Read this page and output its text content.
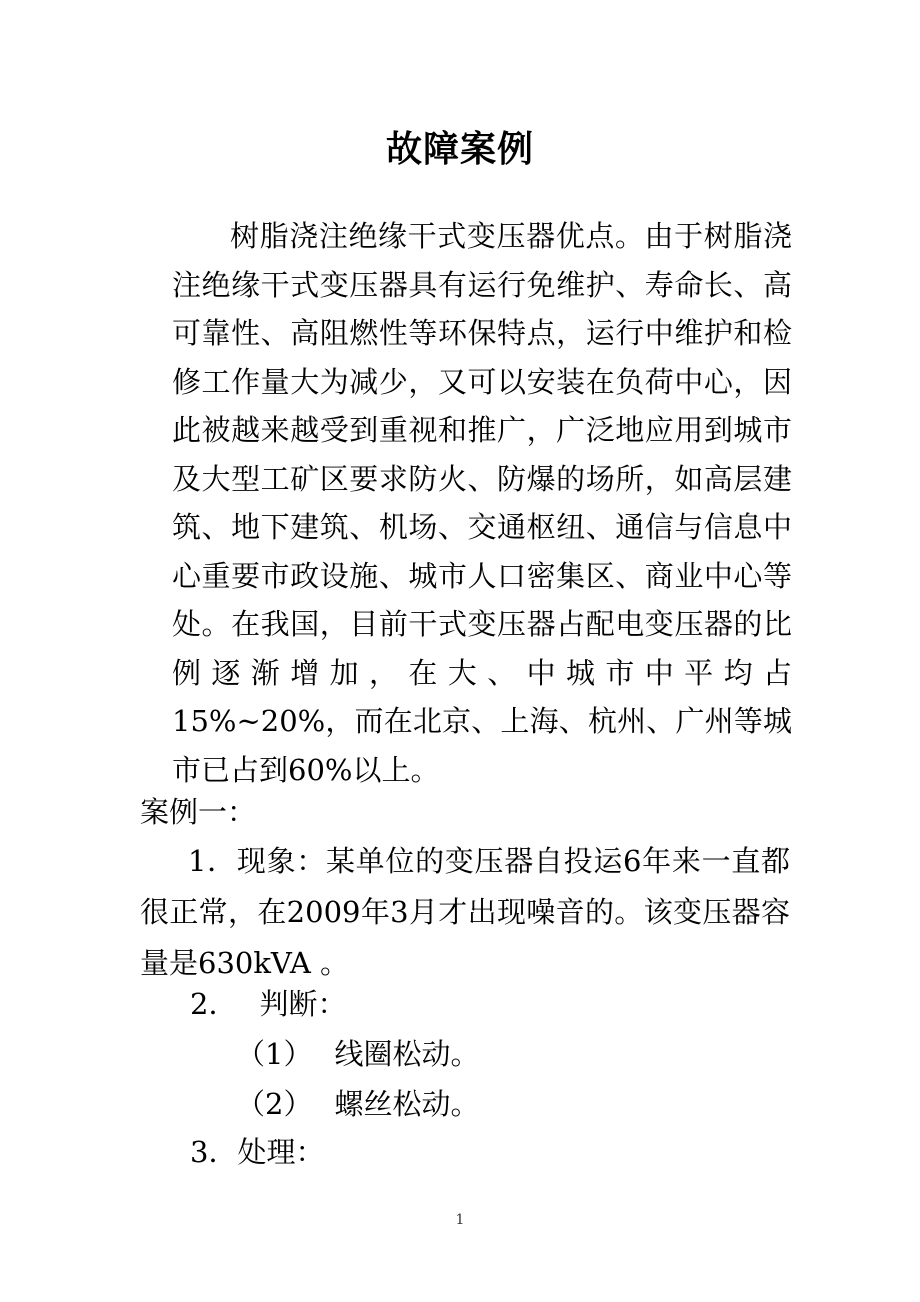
故障案例

树脂浇注绝缘干式变压器优点。由于树脂浇注绝缘干式变压器具有运行免维护、寿命长、高可靠性、高阻燃性等环保特点，运行中维护和检修工作量大为减少，又可以安装在负荷中心，因此被越来越受到重视和推广，广泛地应用到城市及大型工矿区要求防火、防爆的场所，如高层建筑、地下建筑、机场、交通枢纽、通信与信息中心重要市政设施、城市人口密集区、商业中心等处。在我国，目前干式变压器占配电变压器的比例逐渐增加，在大、中城市中平均占15%~20%，而在北京、上海、杭州、广州等城市已占到60%以上。

案例一：

1．现象：某单位的变压器自投运6年来一直都很正常，在2009年3月才出现噪音的。该变压器容量是630kVA 。

2． 判断：

（1） 线圈松动。

（2） 螺丝松动。

3．处理：

1
